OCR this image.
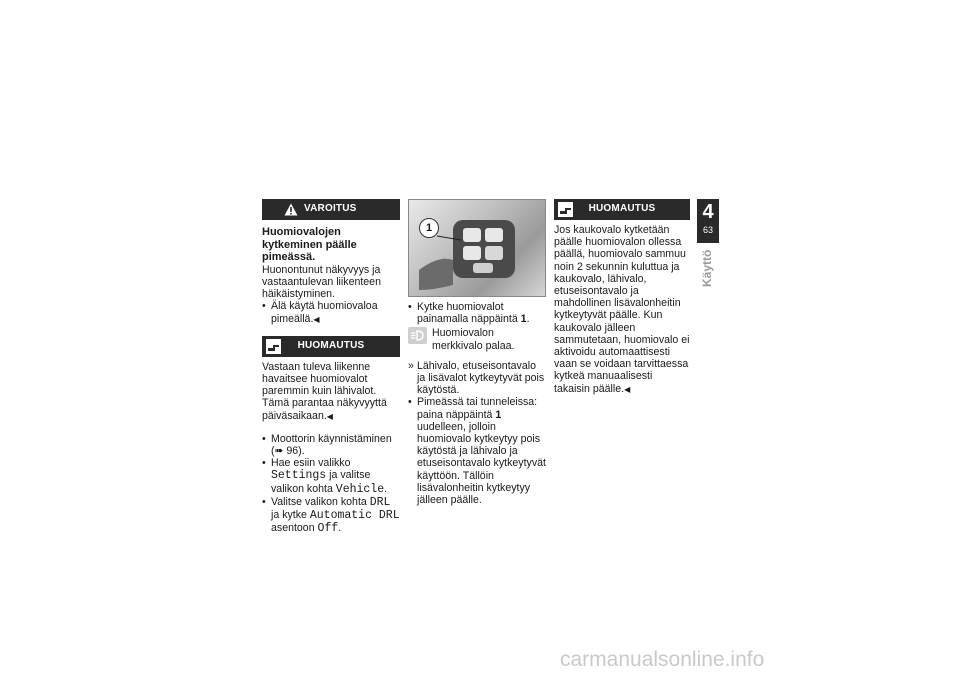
VAROITUS
Huomiovalojen kytkeminen päälle pimeässä.

Huonontunut näkyvyys ja vastaantulevan liikenteen häikäistyminen.

• Älä käytä huomiovaloa pimeällä.◀
HUOMAUTUS

Vastaan tuleva liikenne havaitsee huomiovalot paremmin kuin lähivalot. Tämä parantaa näkyvyyttä päiväsaikaan.◀

• Moottorin käynnistäminen
(➠ 96).
• Hae esiin valikko Settings ja valitse valikon kohta Vehicle.
• Valitse valikon kohta DRL ja kytke Automatic DRL asentoon Off.
1
• Kytke huomiovalot painamalla näppäintä 1.
Huomiovalon merkkivalo palaa.
» Lähivalo, etuseisontavalo ja lisävalot kytkeytyvät pois käytöstä.
• Pimeässä tai tunneleissa: paina näppäintä 1 uudelleen, jolloin huomiovalo kytkeytyy pois käytöstä ja lähivalo ja etuseisontavalo kytkeytyvät käyttöön. Tällöin lisävalonheitin kytkeytyy jälleen päälle.
HUOMAUTUS

Jos kaukovalo kytketään päälle huomiovalon ollessa päällä, huomiovalo sammuu noin 2 sekunnin kuluttua ja kaukovalo, lähivalo, etuseisontavalo ja mahdollinen lisävalonheitin kytkeytyvät päälle. Kun kaukovalo jälleen sammutetaan, huomiovalo ei aktivoidu automaattisesti vaan se voidaan tarvittaessa kytkeä manuaalisesti takaisin päälle.◀

4
63
Käyttö
carmanualsonline.info
